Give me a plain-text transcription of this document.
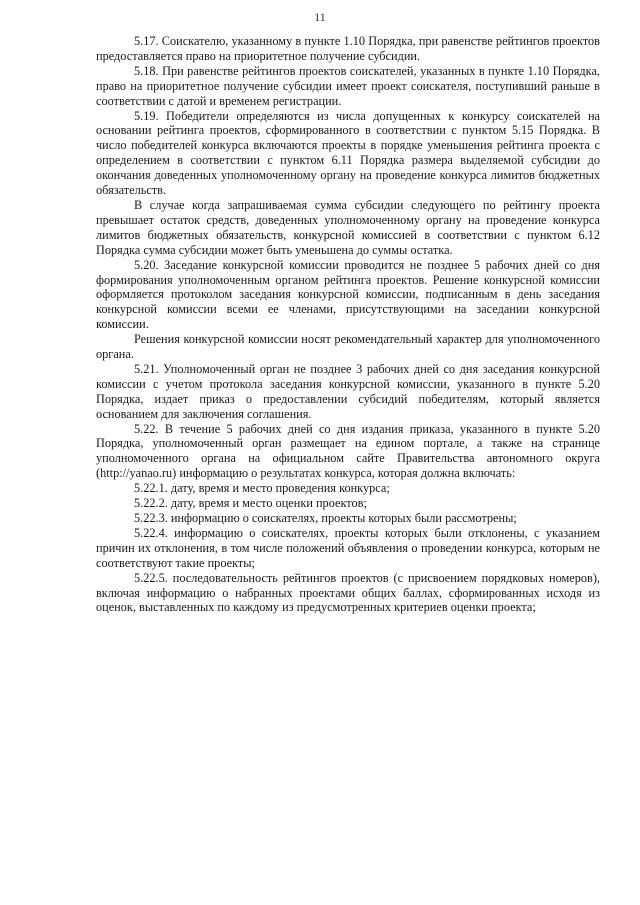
11

5.17. Соискателю, указанному в пункте 1.10 Порядка, при равенстве рейтингов проектов предоставляется право на приоритетное получение субсидии.

5.18. При равенстве рейтингов проектов соискателей, указанных в пункте 1.10 Порядка, право на приоритетное получение субсидии имеет проект соискателя, поступивший раньше в соответствии с датой и временем регистрации.

5.19. Победители определяются из числа допущенных к конкурсу соискателей на основании рейтинга проектов, сформированного в соответствии с пунктом 5.15 Порядка. В число победителей конкурса включаются проекты в порядке уменьшения рейтинга проекта с определением в соответствии с пунктом 6.11 Порядка размера выделяемой субсидии до окончания доведенных уполномоченному органу на проведение конкурса лимитов бюджетных обязательств.

В случае когда запрашиваемая сумма субсидии следующего по рейтингу проекта превышает остаток средств, доведенных уполномоченному органу на проведение конкурса лимитов бюджетных обязательств, конкурсной комиссией в соответствии с пунктом 6.12 Порядка сумма субсидии может быть уменьшена до суммы остатка.

5.20. Заседание конкурсной комиссии проводится не позднее 5 рабочих дней со дня формирования уполномоченным органом рейтинга проектов. Решение конкурсной комиссии оформляется протоколом заседания конкурсной комиссии, подписанным в день заседания конкурсной комиссии всеми ее членами, присутствующими на заседании конкурсной комиссии.

Решения конкурсной комиссии носят рекомендательный характер для уполномоченного органа.

5.21. Уполномоченный орган не позднее 3 рабочих дней со дня заседания конкурсной комиссии с учетом протокола заседания конкурсной комиссии, указанного в пункте 5.20 Порядка, издает приказ о предоставлении субсидий победителям, который является основанием для заключения соглашения.

5.22. В течение 5 рабочих дней со дня издания приказа, указанного в пункте 5.20 Порядка, уполномоченный орган размещает на едином портале, а также на странице уполномоченного органа на официальном сайте Правительства автономного округа (http://yanao.ru) информацию о результатах конкурса, которая должна включать:

5.22.1. дату, время и место проведения конкурса;

5.22.2. дату, время и место оценки проектов;

5.22.3. информацию о соискателях, проекты которых были рассмотрены;

5.22.4. информацию о соискателях, проекты которых были отклонены, с указанием причин их отклонения, в том числе положений объявления о проведении конкурса, которым не соответствуют такие проекты;

5.22.5. последовательность рейтингов проектов (с присвоением порядковых номеров), включая информацию о набранных проектами общих баллах, сформированных исходя из оценок, выставленных по каждому из предусмотренных критериев оценки проекта;
